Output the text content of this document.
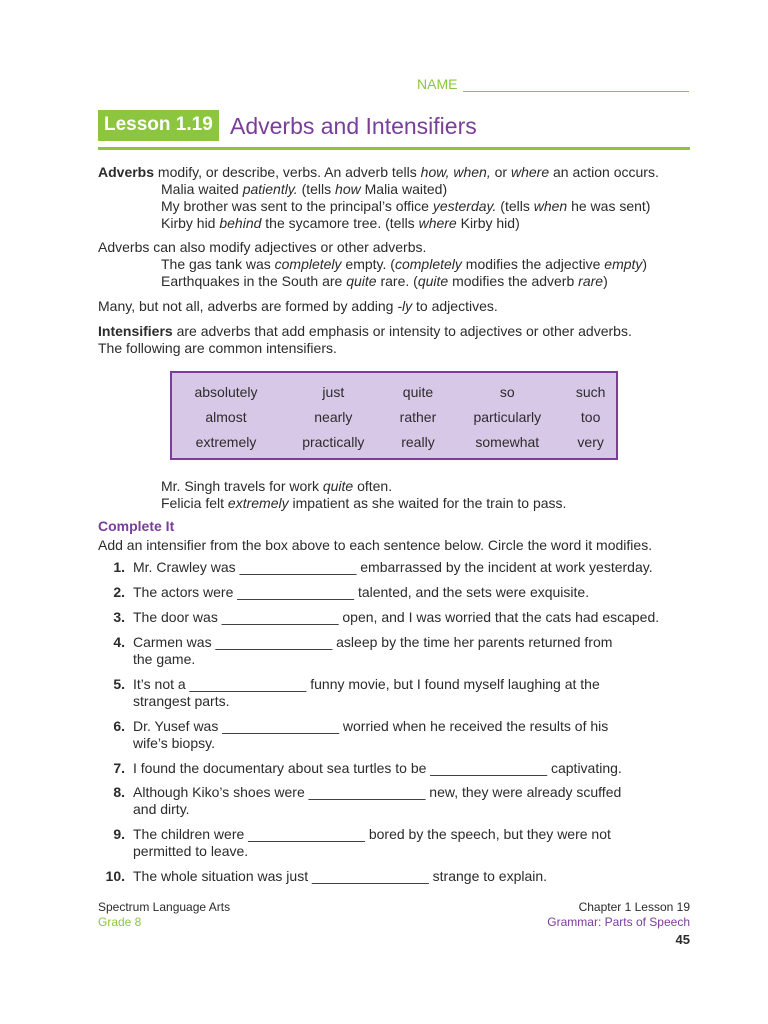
NAME
Lesson 1.19 Adverbs and Intensifiers
Adverbs modify, or describe, verbs. An adverb tells how, when, or where an action occurs.
Malia waited patiently. (tells how Malia waited)
My brother was sent to the principal’s office yesterday. (tells when he was sent)
Kirby hid behind the sycamore tree. (tells where Kirby hid)
Adverbs can also modify adjectives or other adverbs.
The gas tank was completely empty. (completely modifies the adjective empty)
Earthquakes in the South are quite rare. (quite modifies the adverb rare)
Many, but not all, adverbs are formed by adding -ly to adjectives.
Intensifiers are adverbs that add emphasis or intensity to adjectives or other adverbs.
The following are common intensifiers.
absolutely	just	quite	so	such
almost	nearly	rather	particularly	too
extremely	practically	really	somewhat	very
Mr. Singh travels for work quite often.
Felicia felt extremely impatient as she waited for the train to pass.
Complete It
Add an intensifier from the box above to each sentence below. Circle the word it modifies.
1. Mr. Crawley was _______________ embarrassed by the incident at work yesterday.
2. The actors were _______________ talented, and the sets were exquisite.
3. The door was _______________ open, and I was worried that the cats had escaped.
4. Carmen was _______________ asleep by the time her parents returned from
the game.
5. It’s not a _______________ funny movie, but I found myself laughing at the
strangest parts.
6. Dr. Yusef was _______________ worried when he received the results of his
wife’s biopsy.
7. I found the documentary about sea turtles to be _______________ captivating.
8. Although Kiko’s shoes were _______________ new, they were already scuffed
and dirty.
9. The children were _______________ bored by the speech, but they were not
permitted to leave.
10. The whole situation was just _______________ strange to explain.
Spectrum Language Arts
Grade 8
Chapter 1 Lesson 19
Grammar: Parts of Speech
45
